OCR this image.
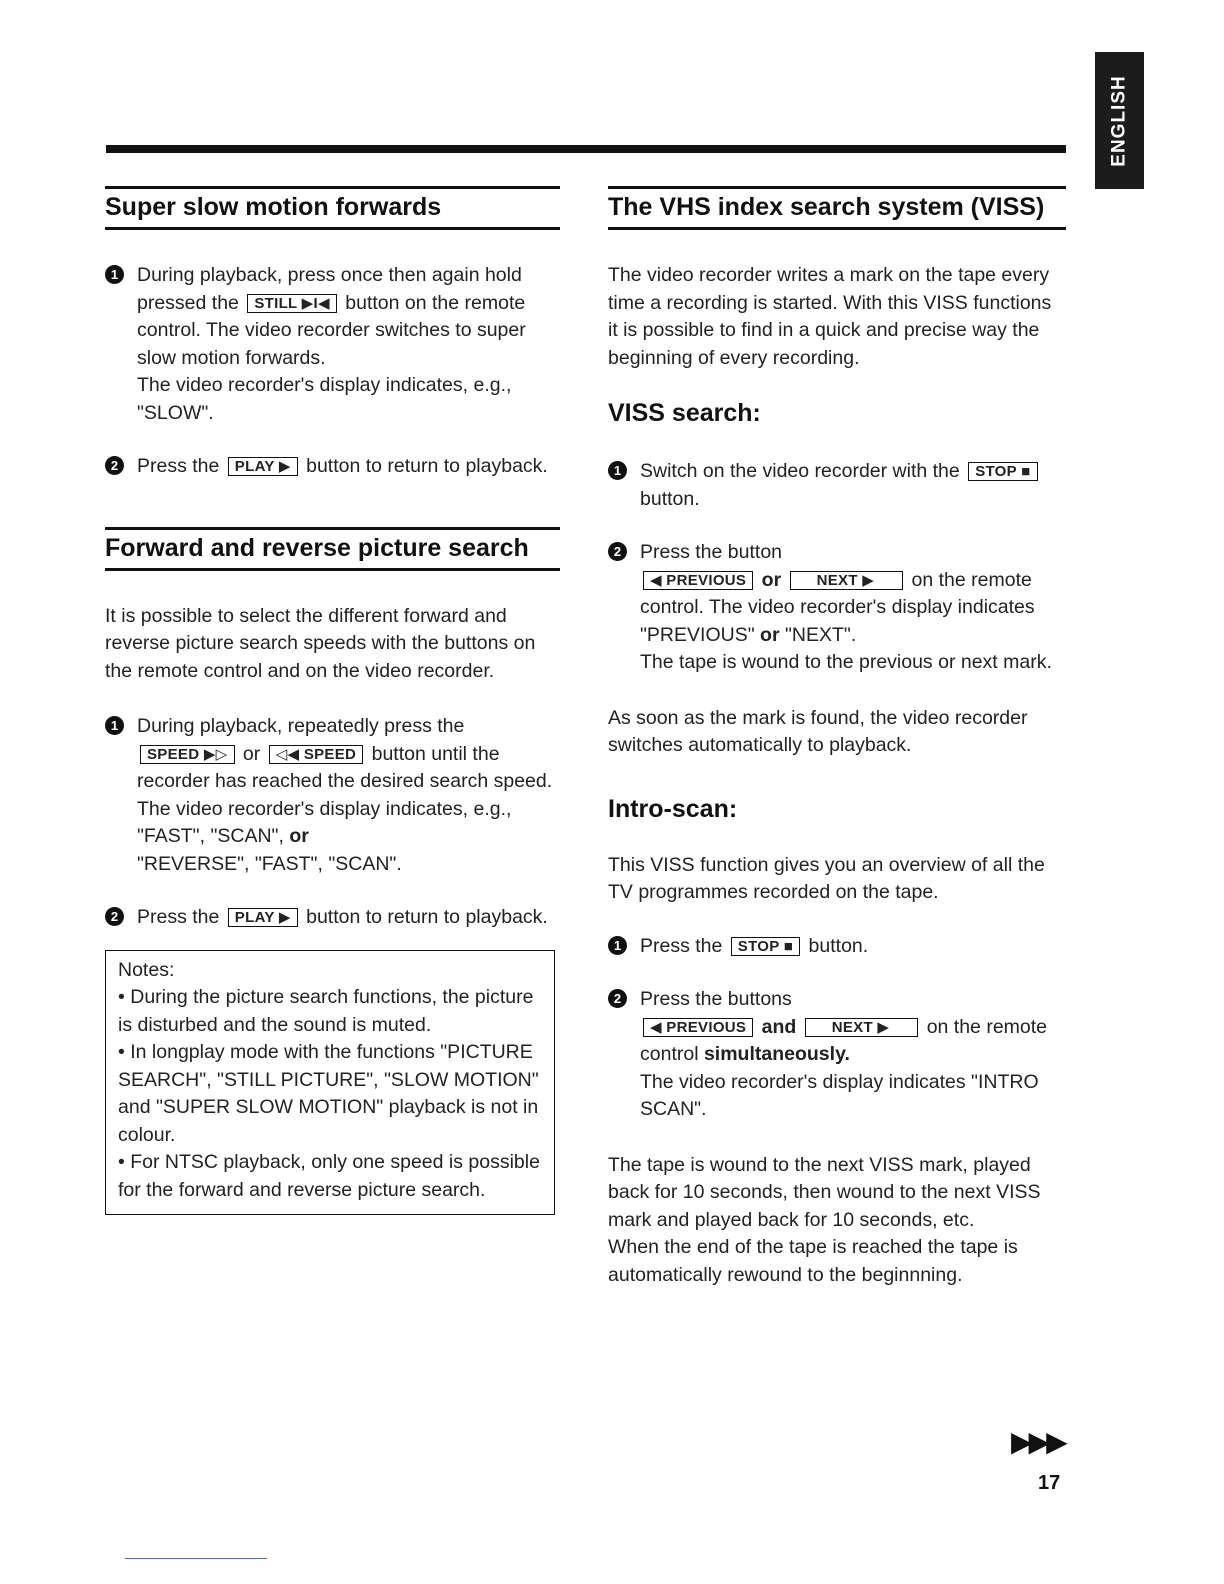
ENGLISH
Super slow motion forwards
1 During playback, press once then again hold pressed the STILL ▶I◀ button on the remote control. The video recorder switches to super slow motion forwards.
The video recorder's display indicates, e.g., "SLOW".
2 Press the PLAY ▶ button to return to playback.
Forward and reverse picture search

It is possible to select the different forward and reverse picture search speeds with the buttons on the remote control and on the video recorder.

1 During playback, repeatedly press the SPEED ▶▷ or ◁◀ SPEED button until the recorder has reached the desired search speed.
The video recorder's display indicates, e.g., "FAST", "SCAN", or
"REVERSE", "FAST", "SCAN".
2 Press the PLAY ▶ button to return to playback.
Notes:
• During the picture search functions, the picture is disturbed and the sound is muted.
• In longplay mode with the functions "PICTURE SEARCH", "STILL PICTURE", "SLOW MOTION" and "SUPER SLOW MOTION" playback is not in colour.
• For NTSC playback, only one speed is possible for the forward and reverse picture search.
The VHS index search system (VISS)

The video recorder writes a mark on the tape every time a recording is started. With this VISS functions it is possible to find in a quick and precise way the beginning of every recording.

VISS search:
1 Switch on the video recorder with the STOP ■ button.
2 Press the button
◀ PREVIOUS or NEXT ▶ on the remote control. The video recorder's display indicates "PREVIOUS" or "NEXT".
The tape is wound to the previous or next mark.

As soon as the mark is found, the video recorder switches automatically to playback.

Intro-scan:

This VISS function gives you an overview of all the TV programmes recorded on the tape.

1 Press the STOP ■ button.
2 Press the buttons
◀ PREVIOUS and NEXT ▶ on the remote control simultaneously.
The video recorder's display indicates "INTRO SCAN".

The tape is wound to the next VISS mark, played back for 10 seconds, then wound to the next VISS mark and played back for 10 seconds, etc.

When the end of the tape is reached the tape is automatically rewound to the beginnning.

▶▶▶
17
